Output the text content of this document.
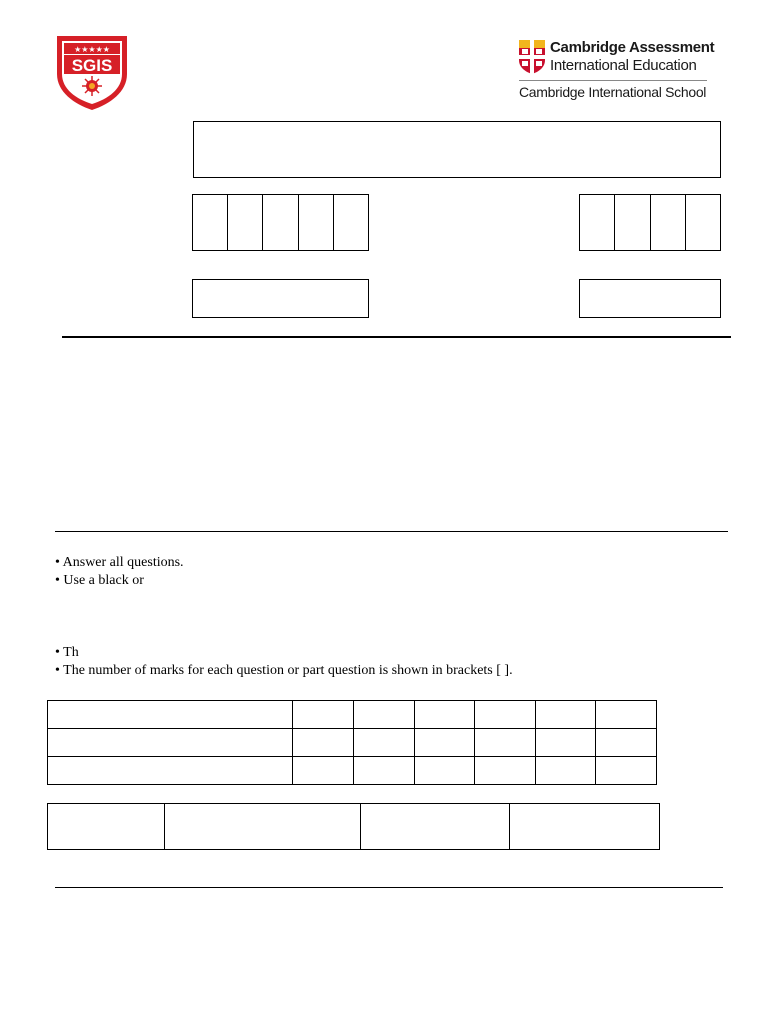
★★★★★
SGIS
Cambridge Assessment
International Education
Cambridge International School

• Answer all questions.

• Use a black or

• Th

• The number of marks for each question or part question is shown in brackets [ ].
